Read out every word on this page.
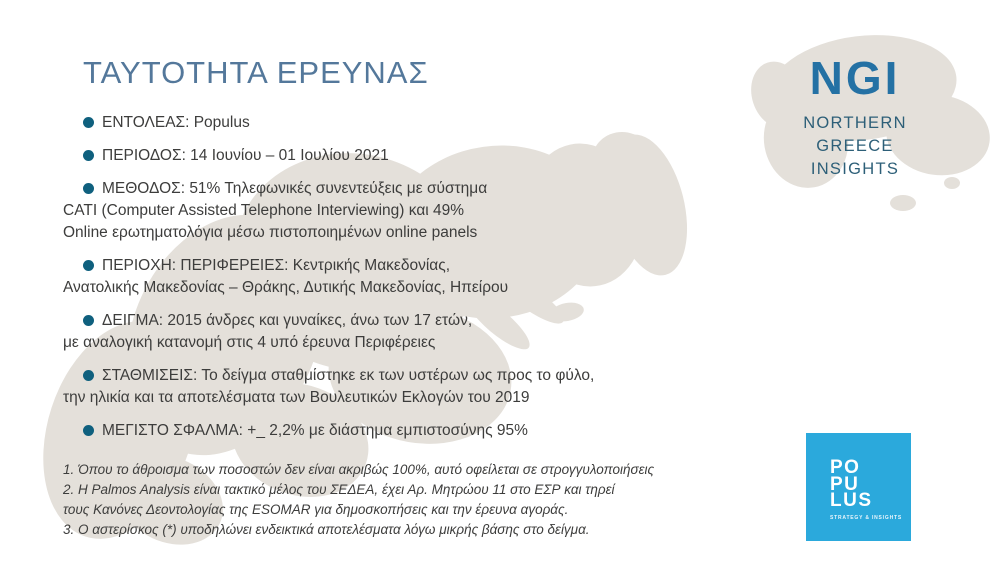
ΤΑΥΤΟΤΗΤΑ ΕΡΕΥΝΑΣ
ΕΝΤΟΛΕΑΣ: Populus
ΠΕΡΙΟΔΟΣ: 14 Ιουνίου – 01 Ιουλίου 2021
ΜΕΘΟΔΟΣ: 51% Τηλεφωνικές συνεντεύξεις με σύστημα
CATI (Computer Assisted Telephone Interviewing) και 49%
Online ερωτηματολόγια μέσω πιστοποιημένων online panels
ΠΕΡΙΟΧΗ: ΠΕΡΙΦΕΡΕΙΕΣ: Κεντρικής Μακεδονίας,
Ανατολικής Μακεδονίας – Θράκης, Δυτικής Μακεδονίας, Ηπείρου
ΔΕΙΓΜΑ: 2015 άνδρες και γυναίκες, άνω των 17 ετών,
με αναλογική κατανομή στις 4 υπό έρευνα Περιφέρειες
ΣΤΑΘΜΙΣΕΙΣ: Το δείγμα σταθμίστηκε εκ των υστέρων ως προς το φύλο,
την ηλικία και τα αποτελέσματα των Βουλευτικών Εκλογών του 2019
ΜΕΓΙΣΤΟ ΣΦΑΛΜΑ: +_ 2,2% με διάστημα εμπιστοσύνης 95%
1. Όπου το άθροισμα των ποσοστών δεν είναι ακριβώς 100%, αυτό οφείλεται σε στρογγυλοποιήσεις
2. Η Palmos Analysis είναι τακτικό μέλος του ΣΕΔΕΑ, έχει Αρ. Μητρώου 11 στο ΕΣΡ και τηρεί
τους Κανόνες Δεοντολογίας της ESOMAR για δημοσκοπήσεις και την έρευνα αγοράς.
3. Ο αστερίσκος (*) υποδηλώνει ενδεικτικά αποτελέσματα λόγω μικρής βάσης στο δείγμα.
NGI
NORTHERN
GREECE
INSIGHTS
PO
PU
LUS
STRATEGY & INSIGHTS
